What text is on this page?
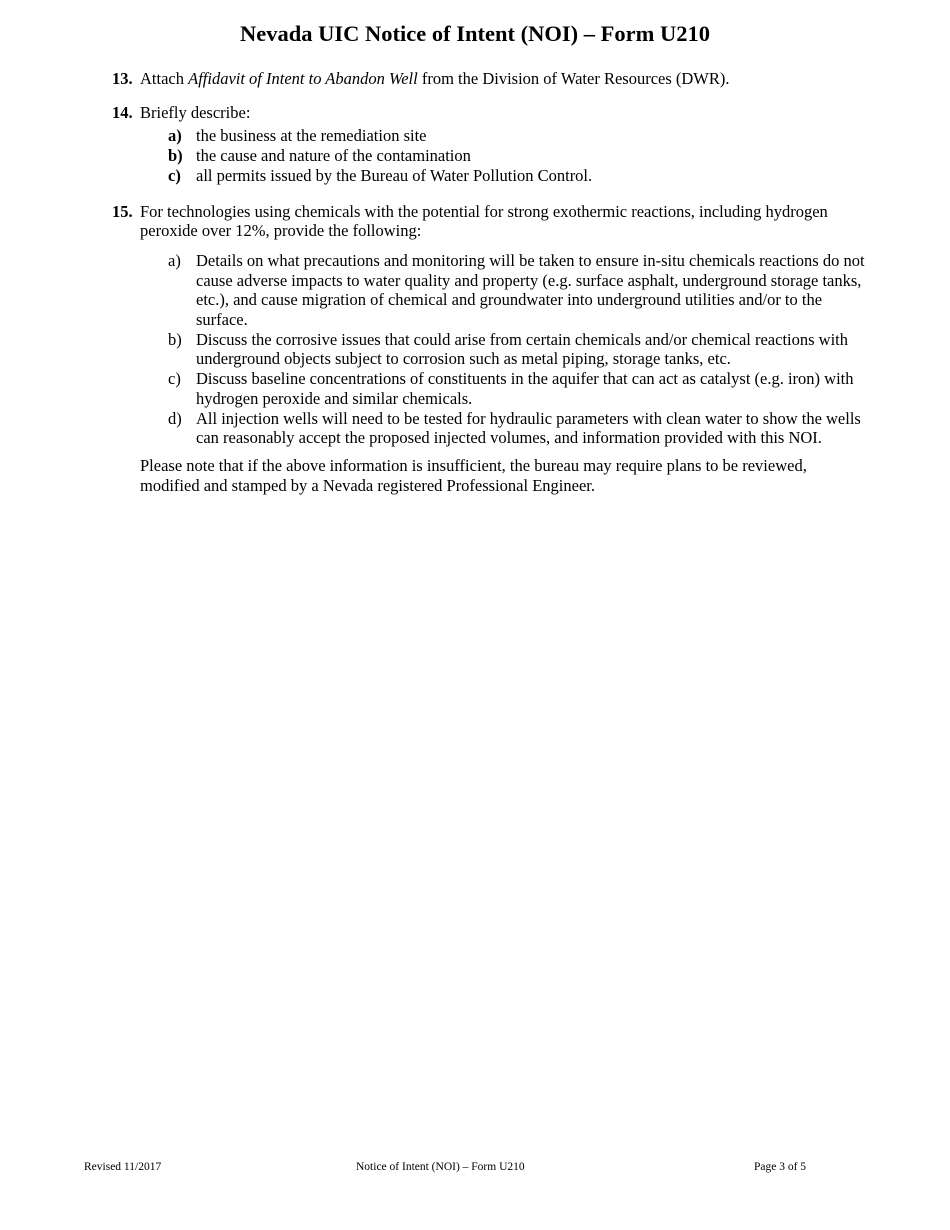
Nevada UIC Notice of Intent (NOI) – Form U210
13. Attach Affidavit of Intent to Abandon Well from the Division of Water Resources (DWR).
14. Briefly describe:
a) the business at the remediation site
b) the cause and nature of the contamination
c) all permits issued by the Bureau of Water Pollution Control.
15. For technologies using chemicals with the potential for strong exothermic reactions, including hydrogen peroxide over 12%, provide the following:
a) Details on what precautions and monitoring will be taken to ensure in-situ chemicals reactions do not cause adverse impacts to water quality and property (e.g. surface asphalt, underground storage tanks, etc.), and cause migration of chemical and groundwater into underground utilities and/or to the surface.
b) Discuss the corrosive issues that could arise from certain chemicals and/or chemical reactions with underground objects subject to corrosion such as metal piping, storage tanks, etc.
c) Discuss baseline concentrations of constituents in the aquifer that can act as catalyst (e.g. iron) with hydrogen peroxide and similar chemicals.
d) All injection wells will need to be tested for hydraulic parameters with clean water to show the wells can reasonably accept the proposed injected volumes, and information provided with this NOI.
Please note that if the above information is insufficient, the bureau may require plans to be reviewed, modified and stamped by a Nevada registered Professional Engineer.
Revised 11/2017	Notice of Intent (NOI) – Form U210	Page 3 of 5
